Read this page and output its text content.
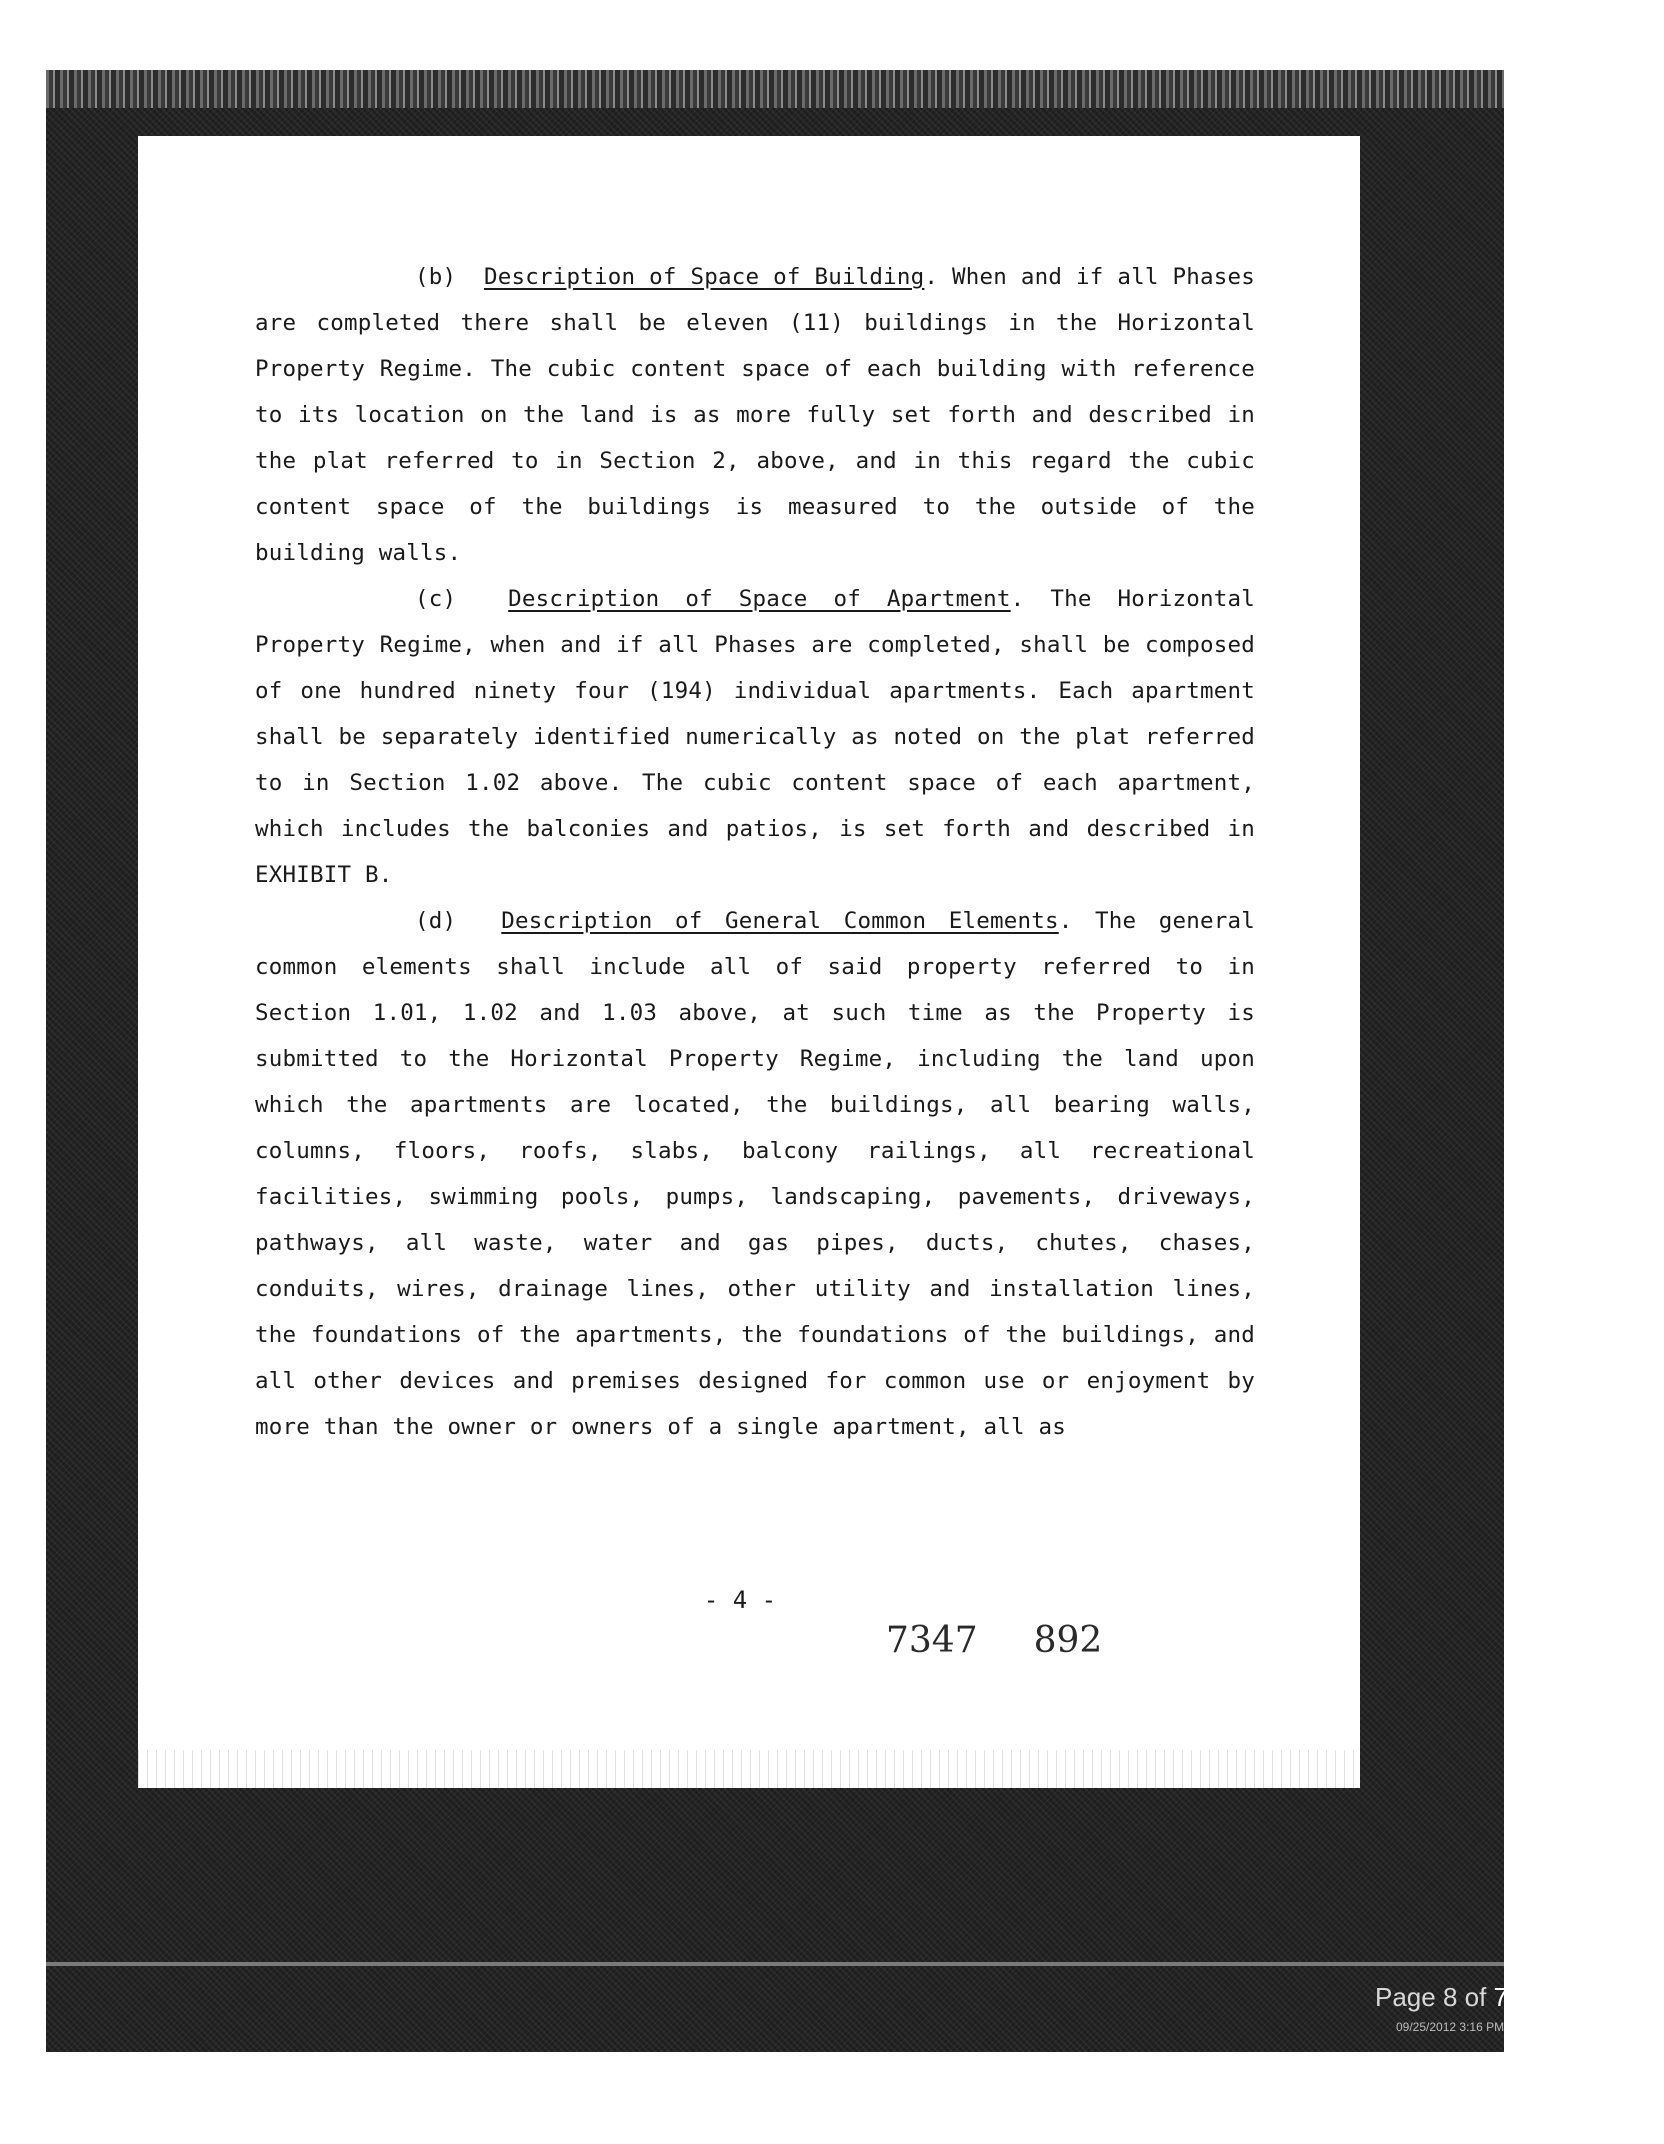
(b) Description of Space of Building. When and if all Phases are completed there shall be eleven (11) buildings in the Horizontal Property Regime. The cubic content space of each building with reference to its location on the land is as more fully set forth and described in the plat referred to in Section 2, above, and in this regard the cubic content space of the buildings is measured to the outside of the building walls.

(c) Description of Space of Apartment. The Horizontal Property Regime, when and if all Phases are completed, shall be composed of one hundred ninety four (194) individual apartments. Each apartment shall be separately identified numerically as noted on the plat referred to in Section 1.02 above. The cubic content space of each apartment, which includes the balconies and patios, is set forth and described in EXHIBIT B.

(d) Description of General Common Elements. The general common elements shall include all of said property referred to in Section 1.01, 1.02 and 1.03 above, at such time as the Property is submitted to the Horizontal Property Regime, including the land upon which the apartments are located, the buildings, all bearing walls, columns, floors, roofs, slabs, balcony railings, all recreational facilities, swimming pools, pumps, landscaping, pavements, driveways, pathways, all waste, water and gas pipes, ducts, chutes, chases, conduits, wires, drainage lines, other utility and installation lines, the foundations of the apartments, the foundations of the buildings, and all other devices and premises designed for common use or enjoyment by more than the owner or owners of a single apartment, all as

- 4 -
7347 892
Page 8 of 70
09/25/2012 3:16 PM
